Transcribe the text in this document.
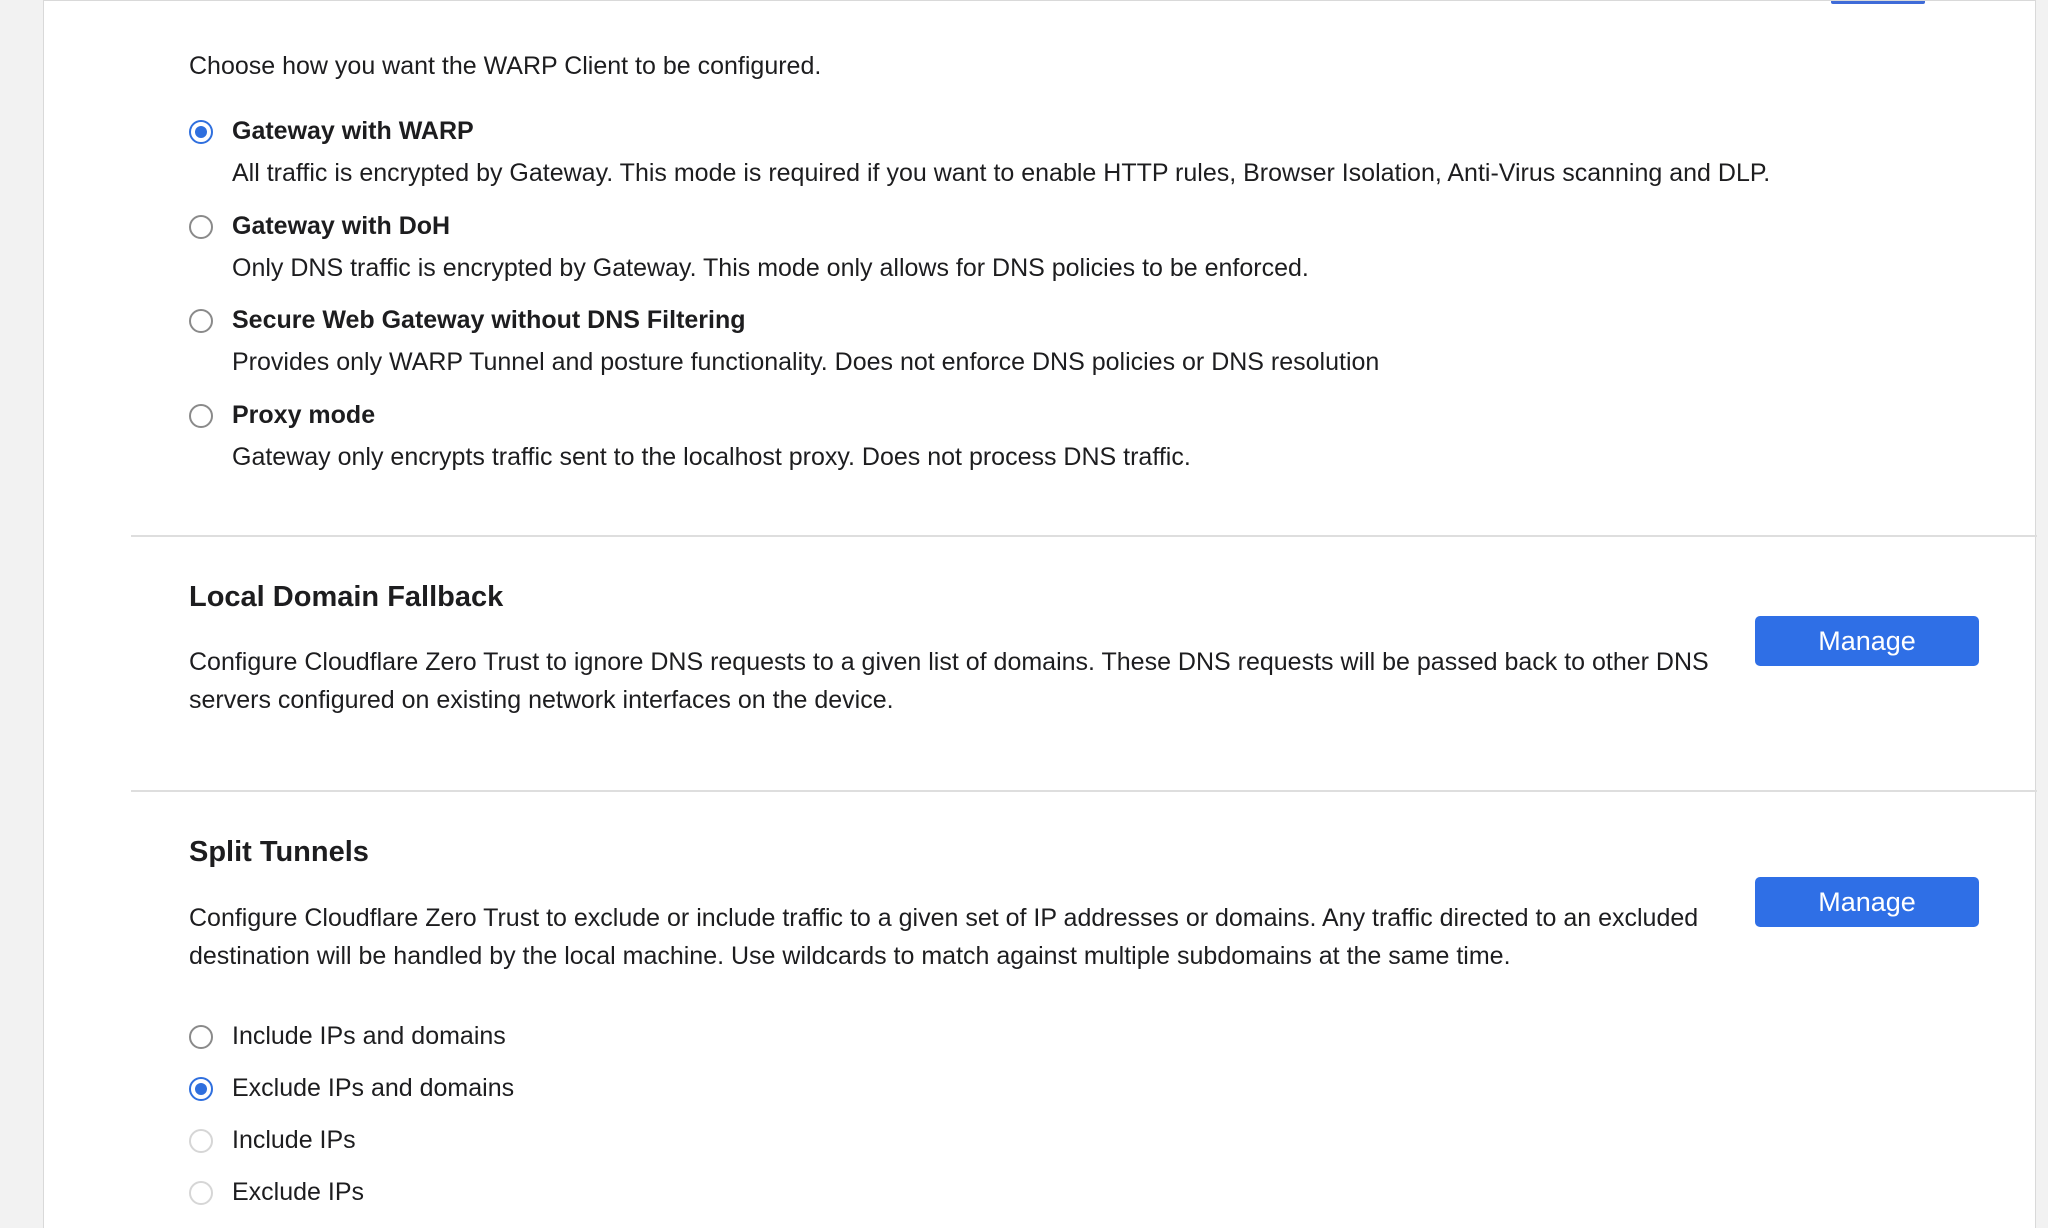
Choose how you want the WARP Client to be configured.
Gateway with WARP
All traffic is encrypted by Gateway. This mode is required if you want to enable HTTP rules, Browser Isolation, Anti-Virus scanning and DLP.
Gateway with DoH
Only DNS traffic is encrypted by Gateway. This mode only allows for DNS policies to be enforced.
Secure Web Gateway without DNS Filtering
Provides only WARP Tunnel and posture functionality. Does not enforce DNS policies or DNS resolution
Proxy mode
Gateway only encrypts traffic sent to the localhost proxy. Does not process DNS traffic.
Local Domain Fallback
Configure Cloudflare Zero Trust to ignore DNS requests to a given list of domains. These DNS requests will be passed back to other DNS servers configured on existing network interfaces on the device.
Manage
Split Tunnels
Configure Cloudflare Zero Trust to exclude or include traffic to a given set of IP addresses or domains. Any traffic directed to an excluded destination will be handled by the local machine. Use wildcards to match against multiple subdomains at the same time.
Manage
Include IPs and domains
Exclude IPs and domains
Include IPs
Exclude IPs
